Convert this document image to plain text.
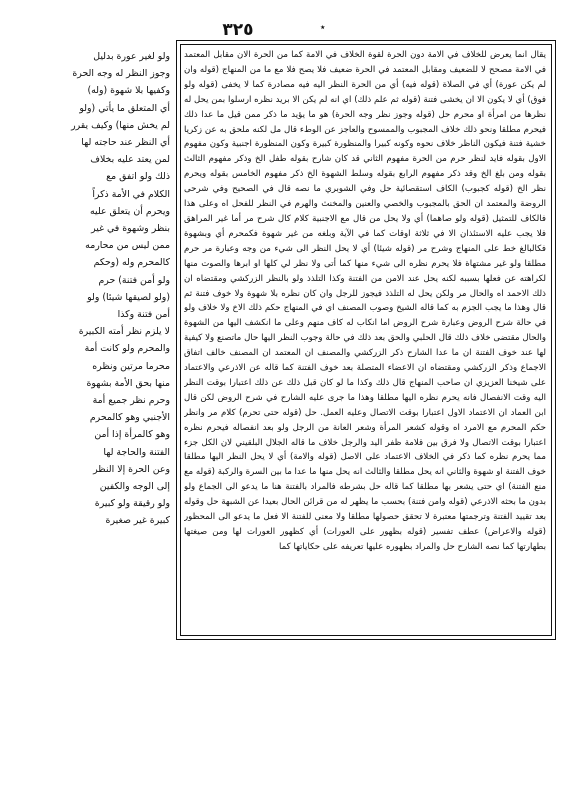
٣٢٥	٭

يقال انما يعرض للخلاف في الامة دون الحرة لقوة الخلاف في الامة كما من الحرة الان مقابل المعتمد في الامة مصحح لا للضعيف ومقابل المعتمد في الحرة ضعيف فلا يصح فلا مع ما من المنهاج (قوله وان لم يكن عورة) أي في الصلاة (قوله فيه) أي من الحرة النظر اليه فيه مصادرة كما لا يخفى (قوله ولو فوق) أي لا يكون الا ان يخشى فتنة (قوله ثم علم ذلك) اي انه لم يكن الا بريد نظره ارسلوا بمن يحل له نظرها من امرأة او محرم حل (قوله وجوز نظر وجه الحرة) هو ما يؤيد ما ذكر ممن قيل ما عدا ذلك فيحرم مطلقا ونحو ذلك خلاف المجبوب والممسوح والعاجز عن الوطء قال مل لكنه ملحق به عن زكريا خشية فتنة فيكون الناظر خلاف نحوه وكونه كبيرا والمنظورة كبيرة وكون المنظورة اجنبية وكون مفهوم الاول بقوله فايد لنظر حرم من الحرة مفهوم الثاني قد كان شارح بقوله طفل الخ وذكر مفهوم الثالث بقوله ومن بلغ الخ وقد ذكر مفهوم الرابع بقوله وسلط الشهوة الخ ذكر مفهوم الخامس بقوله ويحرم نظر الخ (قوله كجبوب) الكاف استقصائية حل وفي الشوبري ما نصه قال في الصحيح وفي شرحى الروضة والمعتمد ان الحق بالمجبوب والخصي والعنين والمخنث والهرم في النظر للفحل اه وعلى هذا فالكاف للتمثيل (قوله ولو صاهما) أي ولا يحل من قال مع الاجنبية كلام كال شرح مر أما غير المراهق فلا يجب عليه الاستئذان الا في ثلاثة اوقات كما في الآية وبلغه من غير شهوة فكمحرم أي وبشهوة فكالبالغ خط على المنهاج وشرح مر (قوله شيئا) أي لا يحل النظر الى شيء من وجه وعبارة مر حرم مطلقا ولو غير مشتهاة فلا يحرم نظره الى شيء منها كما أتى ولا نظر لي كلها او ابرها والصوت منها لكراهته عن فعلها بسببه لكنه يحل عند الامن من الفتنة وكذا التلذذ ولو بالنظر الزركشي ومقتضاه ان ذلك الاحمد اه والحال مر ولكن يحل له التلذذ فيجوز للرجل وان كان نظره بلا شهوة ولا خوف فتنة ثم قال وهذا ما يجب الجزم به كما قاله الشيخ وصوب المصنف اي في المنهاج حكم ذلك الاخ ولا خلاف ولو في حالة شرح الروض وعبارة شرح الروض اما انكاب له كاف منهم وعلى ما انكشف اليها من الشهوة والحال مقتضى خلاف ذلك قال الحلبي والحق بعد ذلك في حالة وجوب النظر اليها حال ماتصنع ولا كيفية لها عند خوف الفتنة ان ما عدا الشارح ذكر الزركشي والمصنف ان المعتمد ان المصنف خالف اتفاق الاجماع وذكر الزركشي ومقتضاه ان الاعضاء المتصلة بعد خوف الفتنة كما قاله عن الاذرعي والاعتماد على شيخنا العزيزي ان صاحب المنهاج قال ذلك وكذا ما لو كان قبل ذلك عن ذلك اعتبارا بوقت النظر اليه وقت الانفصال فانه يحرم نظره اليها مطلقا وهذا ما جرى عليه الشارح في شرح الروض لكن قال ابن العماد ان الاعتماد الاول اعتبارا بوقت الاتصال وعليه العمل. حل (قوله حتى تحرم) كلام مر وانظر حكم المحرم مع الامرد اه وقوله كشعر المرأة وشعر العانة من الرجل ولو بعد انفصاله فيحرم نظره اعتبارا بوقت الاتصال ولا فرق بين قلامة ظفر اليد والرجل خلاف ما قاله الجلال البلقيني لان الكل جزء مما يحرم نظره كما ذكر في الخلاف الاعتماد على الاصل (قوله والامة) أي لا يحل النظر اليها مطلقا خوف الفتنة او شهوة والثاني انه يحل مطلقا والثالث انه يحل منها ما عدا ما بين السرة والركبة (قوله مع منع الفتنة) اي حتى يشعر بها مطلقا كما قاله حل بشرطه فالمراد بالفتنة هنا ما يدعو الى الجماع ولو بدون ما بحثه الاذرعي (قوله وامن فتنة) بحسب ما يظهر له من قرائن الحال بعيدا عن الشبهة حل وقوله بعد تقييد الفتنة وترجمتها معتبرة لا تحقق حصولها مطلقا ولا معنى للفتنة الا فعل ما يدعو الى المحظور (قوله والاعراض) عطف تفسير (قوله بظهور على العورات) أي كظهور العورات لها ومن صيغتها بطهارتها كما نصه الشارح حل والمراد بظهوره عليها تعريفه على حكاياتها كما

ولو لغير عورة بدليل
وجوز النظر له وجه الحرة
وكفيها بلا شهوة (وله)
أي المتعلق ما يأتي (ولو
لم يخش منها) وكيف يقرر
أي النظر عند حاجته لها
لمن يعتد عليه بخلاف
ذلك ولو اتفق مع
الكلام في الأمة ذكراً
ويحرم أن يتعلق عليه
بنظر وشهوة في غير
ممن ليس من محارمه
كالمحرم وله (وحكم
ولو أمن فتنة) حرم
(ولو لصيقها شيئا) ولو
أمن فتنة وكذا
لا يلزم نظر أمته الكبيرة
والمحرم ولو كانت أمة
محرما مرتين ونظره
منها بحق الأمة بشهوة
وحرم نظر جميع أمة
الأجنبي وهو كالمحرم
وهو كالمرأة إذا أمن
الفتنة والحاجة لها
وعن الحرة إلا النظر
إلى الوجه والكفين
ولو رقيقة ولو كبيرة
كبيرة غير صغيرة
